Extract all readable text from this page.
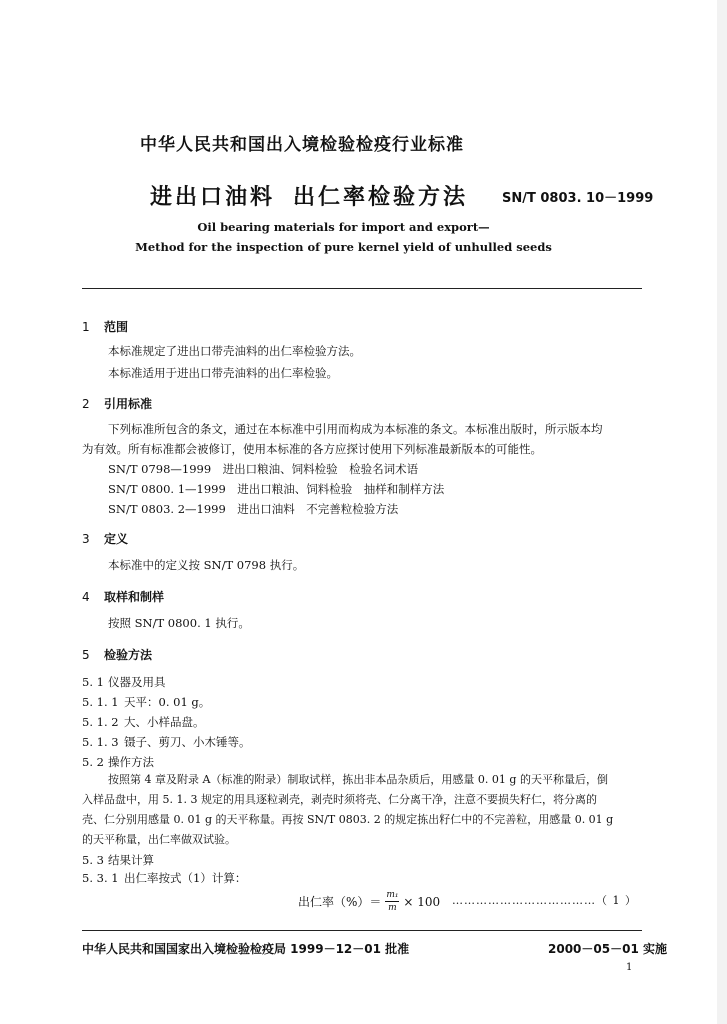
中华人民共和国出入境检验检疫行业标准
进出口油料 出仁率检验方法	SN/T 0803. 10－1999
Oil bearing materials for import and export—
Method for the inspection of pure kernel yield of unhulled seeds
1 范围
本标准规定了进出口带壳油料的出仁率检验方法。
本标准适用于进出口带壳油料的出仁率检验。
2 引用标准
下列标准所包含的条文，通过在本标准中引用而构成为本标准的条文。本标准出版时，所示版本均
为有效。所有标准都会被修订，使用本标准的各方应探讨使用下列标准最新版本的可能性。
SN/T 0798—1999　进出口粮油、饲料检验　检验名词术语
SN/T 0800. 1—1999　进出口粮油、饲料检验　抽样和制样方法
SN/T 0803. 2—1999　进出口油料　不完善粒检验方法
3 定义
本标准中的定义按 SN/T 0798 执行。
4 取样和制样
按照 SN/T 0800. 1 执行。
5 检验方法
5. 1 仪器及用具
5. 1. 1 天平：0. 01 g。
5. 1. 2 大、小样品盘。
5. 1. 3 镊子、剪刀、小木锤等。
5. 2 操作方法
按照第 4 章及附录 A（标准的附录）制取试样，拣出非本品杂质后，用感量 0. 01 g 的天平称量后，倒
入样品盘中，用 5. 1. 3 规定的用具逐粒剥壳，剥壳时须将壳、仁分离干净，注意不要损失籽仁，将分离的
壳、仁分别用感量 0. 01 g 的天平称量。再按 SN/T 0803. 2 的规定拣出籽仁中的不完善粒，用感量 0. 01 g
的天平称量，出仁率做双试验。
5. 3 结果计算
5. 3. 1 出仁率按式（1）计算：
出仁率（%）＝ $\frac{\text{m₁}}{m} \times 100$ ………………………………（ 1 ）
中华人民共和国国家出入境检验检疫局 1999－12－01 批准	2000－05－01 实施
1
